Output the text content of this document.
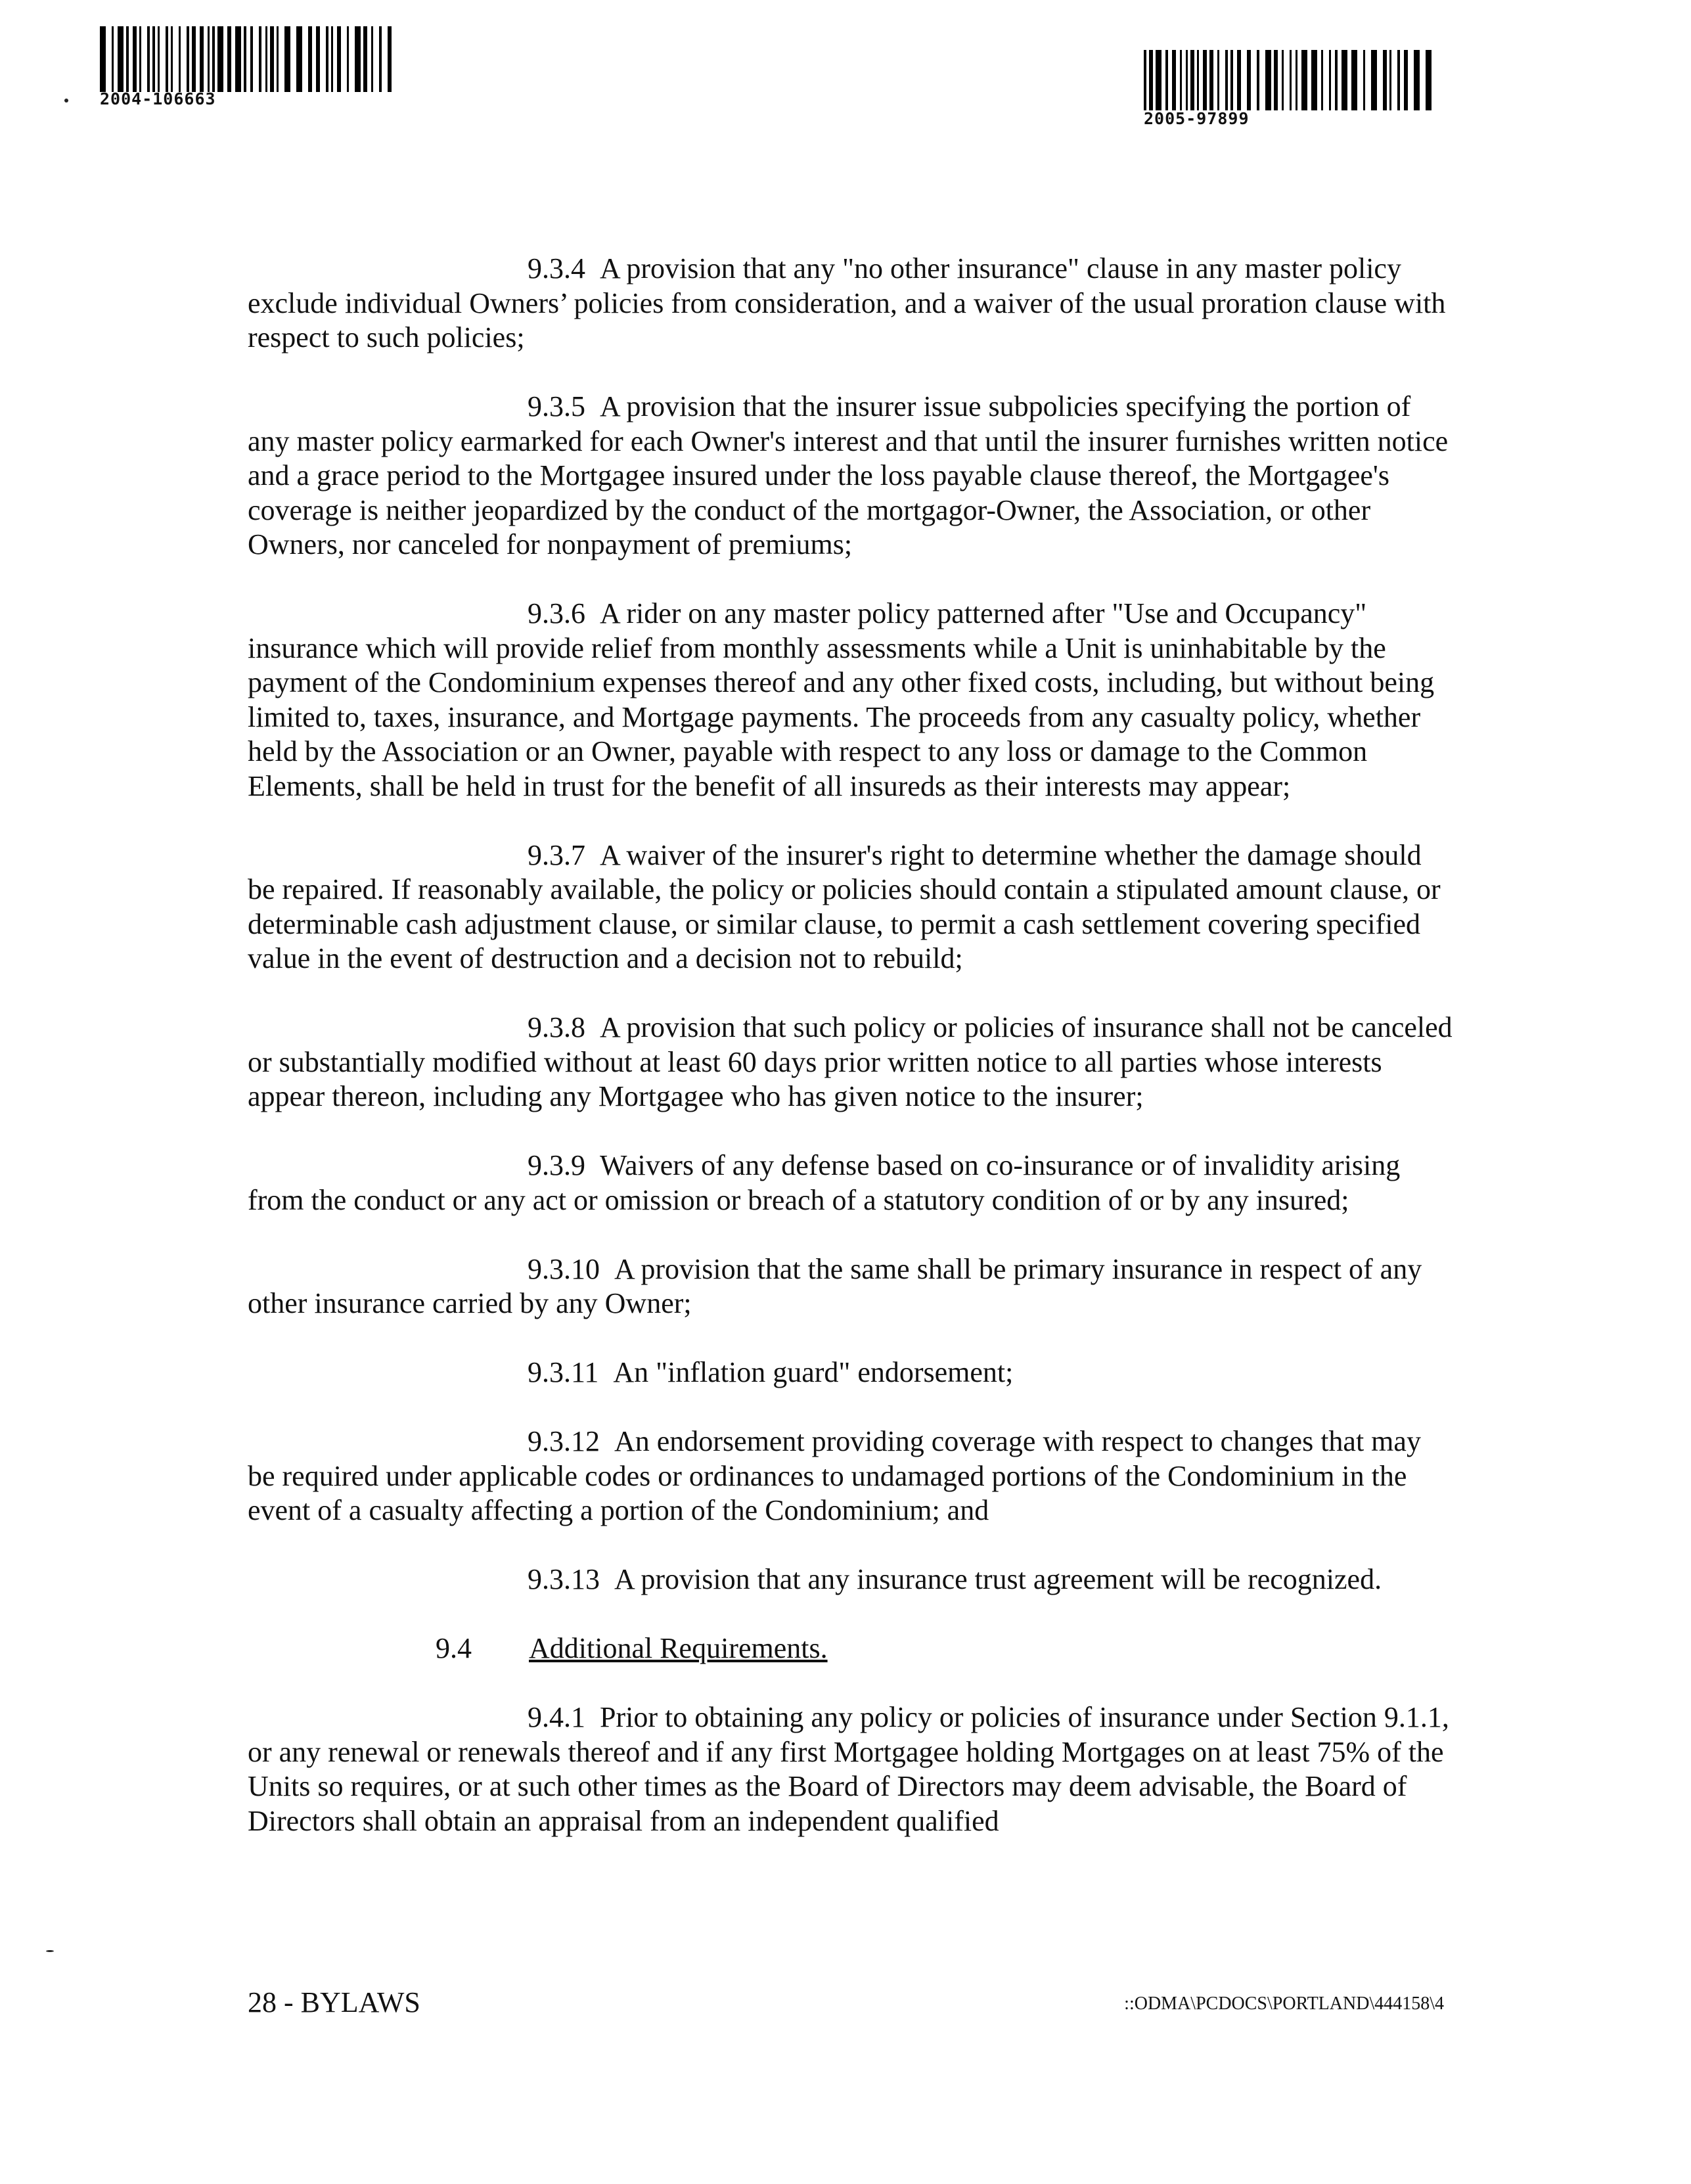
2004-106663
2005-97899
9.3.4 A provision that any "no other insurance" clause in any master policy exclude individual Owners’ policies from consideration, and a waiver of the usual proration clause with respect to such policies;
9.3.5 A provision that the insurer issue subpolicies specifying the portion of any master policy earmarked for each Owner's interest and that until the insurer furnishes written notice and a grace period to the Mortgagee insured under the loss payable clause thereof, the Mortgagee's coverage is neither jeopardized by the conduct of the mortgagor-Owner, the Association, or other Owners, nor canceled for nonpayment of premiums;
9.3.6 A rider on any master policy patterned after "Use and Occupancy" insurance which will provide relief from monthly assessments while a Unit is uninhabitable by the payment of the Condominium expenses thereof and any other fixed costs, including, but without being limited to, taxes, insurance, and Mortgage payments. The proceeds from any casualty policy, whether held by the Association or an Owner, payable with respect to any loss or damage to the Common Elements, shall be held in trust for the benefit of all insureds as their interests may appear;
9.3.7 A waiver of the insurer's right to determine whether the damage should be repaired. If reasonably available, the policy or policies should contain a stipulated amount clause, or determinable cash adjustment clause, or similar clause, to permit a cash settlement covering specified value in the event of destruction and a decision not to rebuild;
9.3.8 A provision that such policy or policies of insurance shall not be canceled or substantially modified without at least 60 days prior written notice to all parties whose interests appear thereon, including any Mortgagee who has given notice to the insurer;
9.3.9 Waivers of any defense based on co-insurance or of invalidity arising from the conduct or any act or omission or breach of a statutory condition of or by any insured;
9.3.10 A provision that the same shall be primary insurance in respect of any other insurance carried by any Owner;
9.3.11 An "inflation guard" endorsement;
9.3.12 An endorsement providing coverage with respect to changes that may be required under applicable codes or ordinances to undamaged portions of the Condominium in the event of a casualty affecting a portion of the Condominium; and
9.3.13 A provision that any insurance trust agreement will be recognized.
9.4 Additional Requirements.
9.4.1 Prior to obtaining any policy or policies of insurance under Section 9.1.1, or any renewal or renewals thereof and if any first Mortgagee holding Mortgages on at least 75% of the Units so requires, or at such other times as the Board of Directors may deem advisable, the Board of Directors shall obtain an appraisal from an independent qualified
28 - BYLAWS	::ODMA\PCDOCS\PORTLAND\444158\4
